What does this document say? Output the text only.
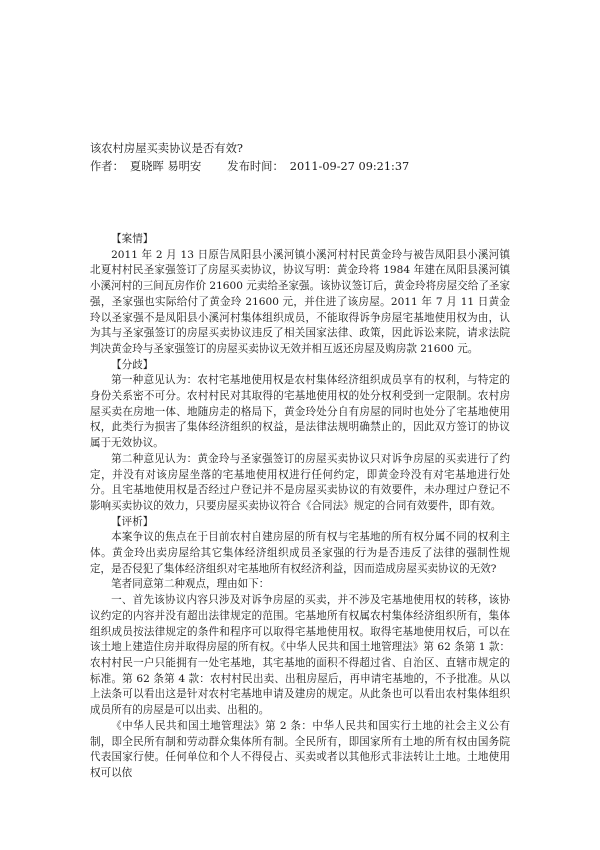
该农村房屋买卖协议是否有效?
作者： 夏晓晖 易明安 发布时间： 2011-09-27 09:21:37

【案情】

2011 年 2 月 13 日原告凤阳县小溪河镇小溪河村村民黄金玲与被告凤阳县小溪河镇北夏村村民圣家强签订了房屋买卖协议，协议写明：黄金玲将 1984 年建在凤阳县溪河镇小溪河村的三间瓦房作价 21600 元卖给圣家强。该协议签订后，黄金玲将房屋交给了圣家强，圣家强也实际给付了黄金玲 21600 元，并住进了该房屋。2011 年 7 月 11 日黄金玲以圣家强不是凤阳县小溪河村集体组织成员，不能取得诉争房屋宅基地使用权为由，认为其与圣家强签订的房屋买卖协议违反了相关国家法律、政策，因此诉讼来院，请求法院判决黄金玲与圣家强签订的房屋买卖协议无效并相互返还房屋及购房款 21600 元。

【分歧】

第一种意见认为：农村宅基地使用权是农村集体经济组织成员享有的权利，与特定的身份关系密不可分。农村村民对其取得的宅基地使用权的处分权利受到一定限制。农村房屋买卖在房地一体、地随房走的格局下，黄金玲处分自有房屋的同时也处分了宅基地使用权，此类行为损害了集体经济组织的权益，是法律法规明确禁止的，因此双方签订的协议属于无效协议。

第二种意见认为：黄金玲与圣家强签订的房屋买卖协议只对诉争房屋的买卖进行了约定，并没有对该房屋坐落的宅基地使用权进行任何约定，即黄金玲没有对宅基地进行处分。且宅基地使用权是否经过户登记并不是房屋买卖协议的有效要件，未办理过户登记不影响买卖协议的效力，只要房屋买卖协议符合《合同法》规定的合同有效要件，即有效。

【评析】

本案争议的焦点在于目前农村自建房屋的所有权与宅基地的所有权分属不同的权利主体。黄金玲出卖房屋给其它集体经济组织成员圣家强的行为是否违反了法律的强制性规定，是否侵犯了集体经济组织对宅基地所有权经济利益，因而造成房屋买卖协议的无效?

笔者同意第二种观点，理由如下：

一、首先该协议内容只涉及对诉争房屋的买卖，并不涉及宅基地使用权的转移，该协议约定的内容并没有超出法律规定的范围。宅基地所有权属农村集体经济组织所有，集体组织成员按法律规定的条件和程序可以取得宅基地使用权。取得宅基地使用权后，可以在该土地上建造住房并取得房屋的所有权。《中华人民共和国土地管理法》第 62 条第 1 款：农村村民一户只能拥有一处宅基地，其宅基地的面积不得超过省、自治区、直辖市规定的标准。第 62 条第 4 款：农村村民出卖、出租房屋后，再申请宅基地的，不予批准。从以上法条可以看出这是针对农村宅基地申请及建房的规定。从此条也可以看出农村集体组织成员所有的房屋是可以出卖、出租的。

《中华人民共和国土地管理法》第 2 条：中华人民共和国实行土地的社会主义公有制，即全民所有制和劳动群众集体所有制。全民所有，即国家所有土地的所有权由国务院代表国家行使。任何单位和个人不得侵占、买卖或者以其他形式非法转让土地。土地使用权可以依
